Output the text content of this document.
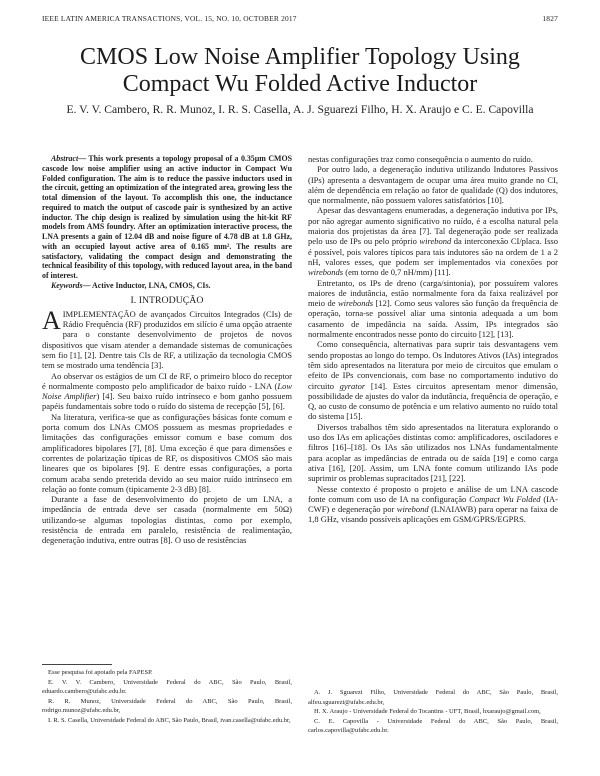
IEEE LATIN AMERICA TRANSACTIONS, VOL. 15, NO. 10, OCTOBER 2017	1827
CMOS Low Noise Amplifier Topology Using Compact Wu Folded Active Inductor
E. V. V. Cambero, R. R. Munoz, I. R. S. Casella, A. J. Sguarezi Filho, H. X. Araujo e C. E. Capovilla

Abstract— This work presents a topology proposal of a 0.35µm CMOS cascode low noise amplifier using an active inductor in Compact Wu Folded configuration. The aim is to reduce the passive inductors used in the circuit, getting an optimization of the integrated area, growing less the total dimension of the layout. To accomplish this one, the inductance required to match the output of cascode pair is synthesized by an active inductor. The chip design is realized by simulation using the hit-kit RF models from AMS foundry. After an optimization interactive process, the LNA presents a gain of 12.04 dB and noise figure of 4.78 dB at 1.8 GHz, with an occupied layout active area of 0.165 mm². The results are satisfactory, validating the compact design and demonstrating the technical feasibility of this topology, with reduced layout area, in the band of interest.

Keywords— Active Inductor, LNA, CMOS, CIs.

I. INTRODUÇÃO

AIMPLEMENTAÇÃO de avançados Circuitos Integrados (CIs) de Rádio Frequência (RF) produzidos em silício é uma opção atraente para o constante desenvolvimento de projetos de novos dispositivos que visam atender a demandade sistemas de comunicações sem fio [1], [2]. Dentre tais CIs de RF, a utilização da tecnologia CMOS tem se mostrado uma tendência [3].

Ao observar os estágios de um CI de RF, o primeiro bloco do receptor é normalmente composto pelo amplificador de baixo ruído - LNA (Low Noise Amplifier) [4]. Seu baixo ruído intrínseco e bom ganho possuem papéis fundamentais sobre todo o ruído do sistema de recepção [5], [6].

Na literatura, verifica-se que as configurações básicas fonte comum e porta comum dos LNAs CMOS possuem as mesmas propriedades e limitações das configurações emissor comum e base comum dos amplificadores bipolares [7], [8]. Uma exceção é que para dimensões e correntes de polarização típicas de RF, os dispositivos CMOS são mais lineares que os bipolares [9]. E dentre essas configurações, a porta comum acaba sendo preterida devido ao seu maior ruído intrínseco em relação ao fonte comum (tipicamente 2-3 dB) [8].

Durante a fase de desenvolvimento do projeto de um LNA, a impedância de entrada deve ser casada (normalmente em 50Ω) utilizando-se algumas topologias distintas, como por exemplo, resistência de entrada em paralelo, resistência de realimentação, degeneração indutiva, entre outras [8]. O uso de resistências

nestas configurações traz como consequência o aumento do ruído.

Por outro lado, a degeneração indutiva utilizando Indutores Passivos (IPs) apresenta a desvantagem de ocupar uma área muito grande no CI, além de dependência em relação ao fator de qualidade (Q) dos indutores, que normalmente, não possuem valores satisfatórios [10].

Apesar das desvantagens enumeradas, a degeneração indutiva por IPs, por não agregar aumento significativo no ruído, é a escolha natural pela maioria dos projetistas da área [7]. Tal degeneração pode ser realizada pelo uso de IPs ou pelo próprio wirebond da interconexão CI/placa. Isso é possível, pois valores típicos para tais indutores são na ordem de 1 a 2 nH, valores esses, que podem ser implementados via conexões por wirebonds (em torno de 0,7 nH/mm) [11].

Entretanto, os IPs de dreno (carga/sintonia), por possuírem valores maiores de indutância, estão normalmente fora da faixa realizável por meio de wirebonds [12]. Como seus valores são função da frequência de operação, torna-se possível aliar uma sintonia adequada a um bom casamento de impedância na saída. Assim, IPs integrados são normalmente encontrados nesse ponto do circuito [12], [13].

Como consequência, alternativas para suprir tais desvantagens vem sendo propostas ao longo do tempo. Os Indutores Ativos (IAs) integrados têm sido apresentados na literatura por meio de circuitos que emulam o efeito de IPs convencionais, com base no comportamento indutivo do circuito gyrator [14]. Estes circuitos apresentam menor dimensão, possibilidade de ajustes do valor da indutância, frequência de operação, e Q, ao custo de consumo de potência e um relativo aumento no ruído total do sistema [15].

Diversos trabalhos têm sido apresentados na literatura explorando o uso dos IAs em aplicações distintas como: amplificadores, osciladores e filtros [16]–[18]. Os IAs são utilizados nos LNAs fundamentalmente para acoplar as impedâncias de entrada ou de saída [19] e como carga ativa [16], [20]. Assim, um LNA fonte comum utilizando IAs pode suprimir os problemas supracitados [21], [22].

Nesse contexto é proposto o projeto e análise de um LNA cascode fonte comum com uso de IA na configuração Compact Wu Folded (IA-CWF) e degeneração por wirebond (LNAIAWB) para operar na faixa de 1,8 GHz, visando possíveis aplicações em GSM/GPRS/EGPRS.

Esse pesquisa foi apoiado pela FAPESP.

E. V. V. Cambero, Universidade Federal do ABC, São Paulo, Brasil, eduardo.cambero@ufabc.edu.br.

R. R. Munoz, Universidade Federal do ABC, São Paulo, Brasil, rodrigo.munoz@ufabc.edu.br,

I. R. S. Casella, Universidade Federal do ABC, São Paulo, Brasil, ivan.casella@ufabc.edu.br,

A. J. Sguarezi Filho, Universidade Federal do ABC, São Paulo, Brasil, alfeu.sguarezi@ufabc.edu.br,

H. X. Araujo - Universidade Federal do Tocantins - UFT, Brasil, hxaraujo@gmail.com,

C. E. Capovilla - Universidade Federal do ABC, São Paulo, Brasil, carlos.capovilla@ufabc.edu.br.
